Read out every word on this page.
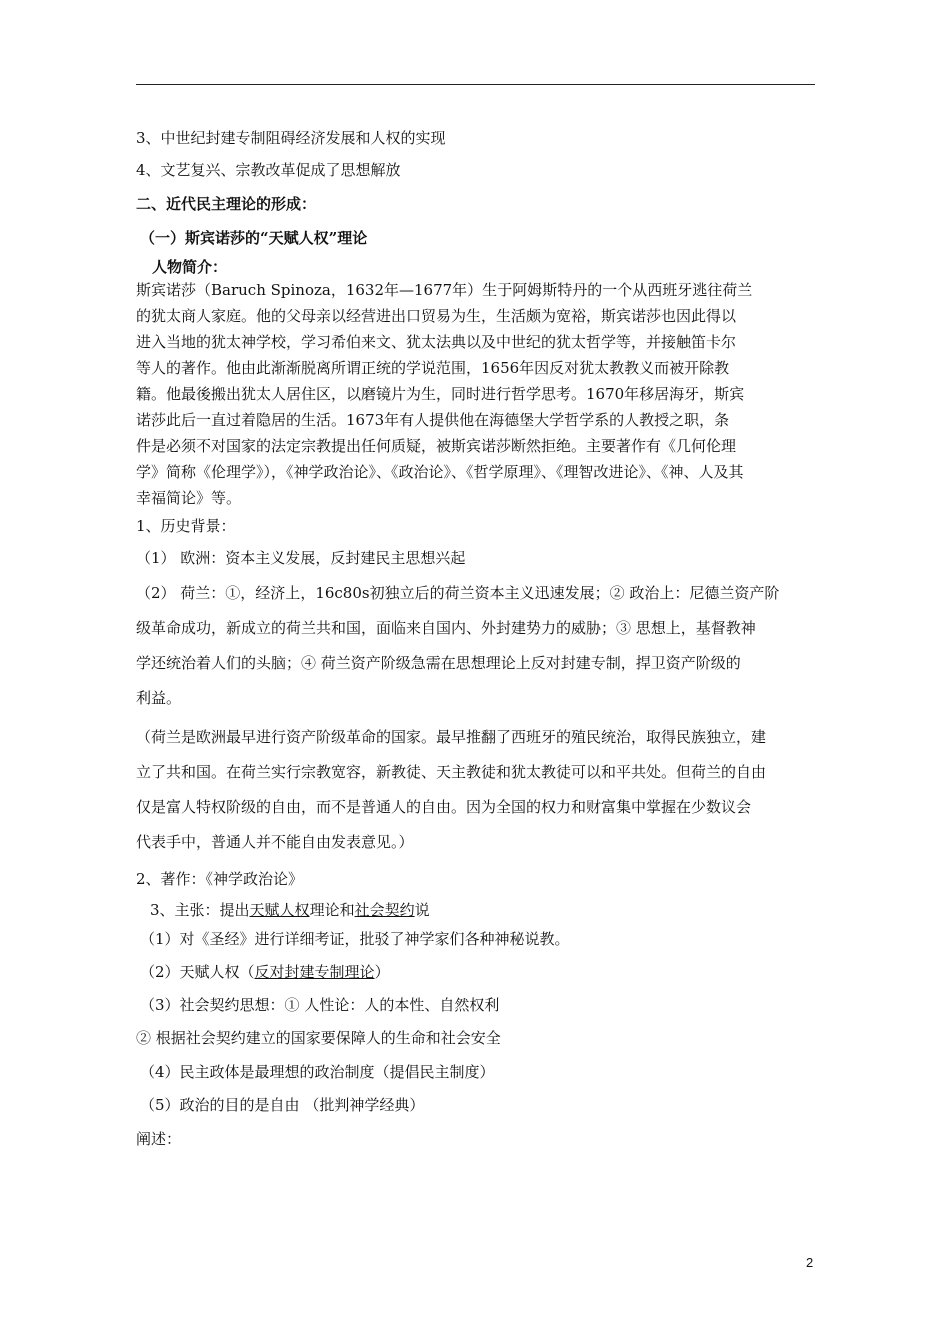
3、中世纪封建专制阻碍经济发展和人权的实现
4、文艺复兴、宗教改革促成了思想解放
二、近代民主理论的形成：
（一）斯宾诺莎的“天赋人权”理论
人物简介：
斯宾诺莎（Baruch Spinoza，1632年—1677年）生于阿姆斯特丹的一个从西班牙逃往荷兰
的犹太商人家庭。他的父母亲以经营进出口贸易为生，生活颇为宽裕，斯宾诺莎也因此得以
进入当地的犹太神学校，学习希伯来文、犹太法典以及中世纪的犹太哲学等，并接触笛卡尔
等人的著作。他由此渐渐脱离所谓正统的学说范围，1656年因反对犹太教教义而被开除教
籍。他最後搬出犹太人居住区，以磨镜片为生，同时进行哲学思考。1670年移居海牙，斯宾
诺莎此后一直过着隐居的生活。1673年有人提供他在海德堡大学哲学系的人教授之职，条
件是必须不对国家的法定宗教提出任何质疑，被斯宾诺莎断然拒绝。主要著作有《几何伦理
学》简称《伦理学》），《神学政治论》、《政治论》、《哲学原理》、《理智改进论》、《神、人及其
幸福简论》等。
1、历史背景：
（1） 欧洲：资本主义发展，反封建民主思想兴起
（2） 荷兰：①，经济上，16c80s初独立后的荷兰资本主义迅速发展；② 政治上：尼德兰资产阶
级革命成功，新成立的荷兰共和国，面临来自国内、外封建势力的威胁；③ 思想上，基督教神
学还统治着人们的头脑；④ 荷兰资产阶级急需在思想理论上反对封建专制，捍卫资产阶级的
利益。
（荷兰是欧洲最早进行资产阶级革命的国家。最早推翻了西班牙的殖民统治，取得民族独立，建
立了共和国。在荷兰实行宗教宽容，新教徒、天主教徒和犹太教徒可以和平共处。但荷兰的自由
仅是富人特权阶级的自由，而不是普通人的自由。因为全国的权力和财富集中掌握在少数议会
代表手中，普通人并不能自由发表意见。）
2、著作：《神学政治论》
3、主张：提出天赋人权理论和社会契约说
（1）对《圣经》进行详细考证，批驳了神学家们各种神秘说教。
（2）天赋人权（反对封建专制理论）
（3）社会契约思想：① 人性论：人的本性、自然权利
② 根据社会契约建立的国家要保障人的生命和社会安全
（4）民主政体是最理想的政治制度（提倡民主制度）
（5）政治的目的是自由 （批判神学经典）
阐述：
2
